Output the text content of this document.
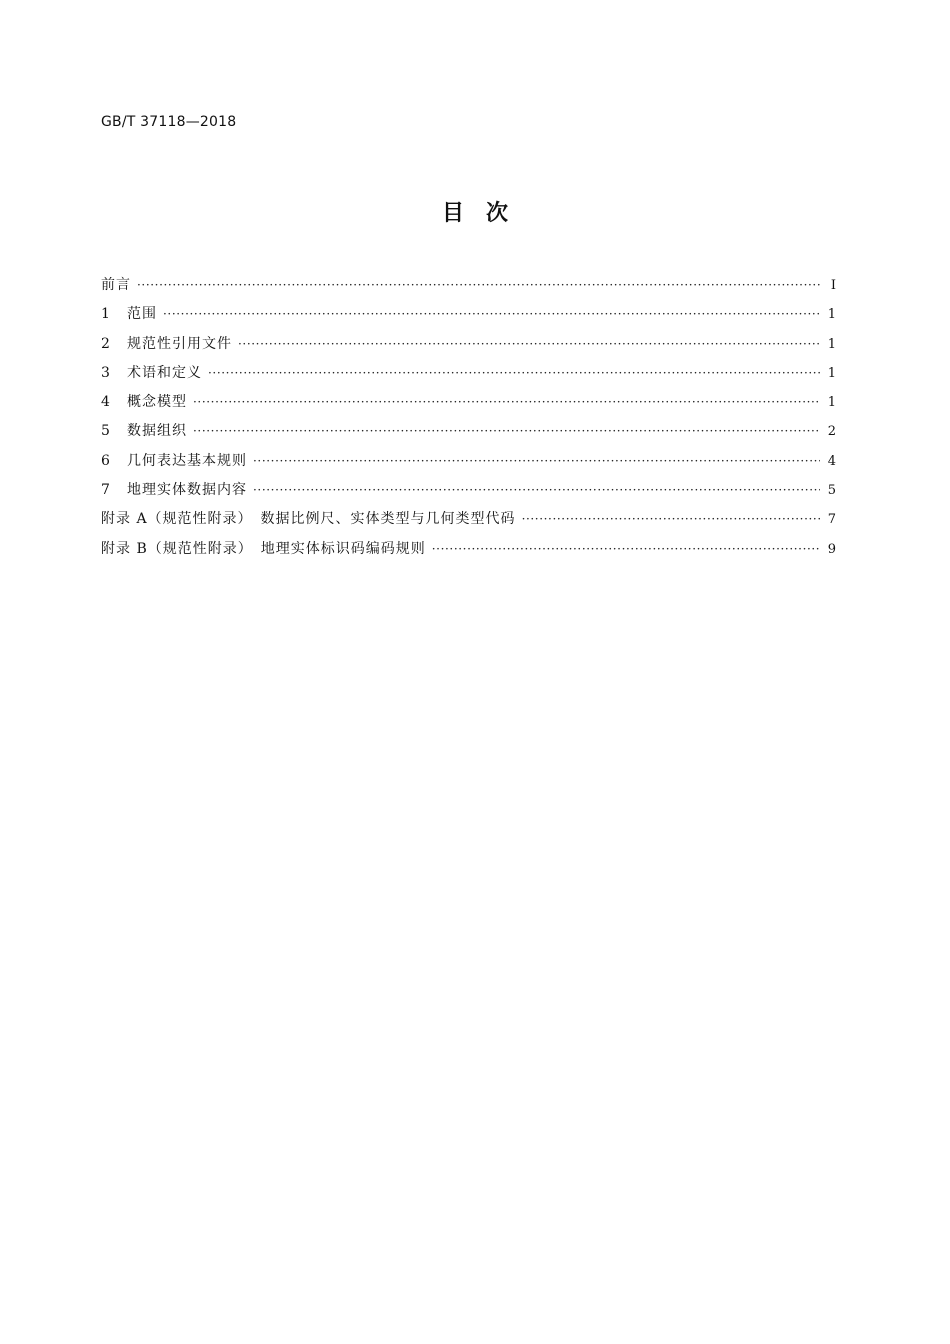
GB/T 37118—2018
目　次
前言 ·····	Ⅰ
1	范围 ·····	1
2	规范性引用文件 ·····	1
3	术语和定义 ·····	1
4	概念模型 ·····	1
5	数据组织 ·····	2
6	几何表达基本规则 ·····	4
7	地理实体数据内容 ·····	5
附录 A（规范性附录）　数据比例尺、实体类型与几何类型代码 ·····	7
附录 B（规范性附录）　地理实体标识码编码规则 ·····	9
